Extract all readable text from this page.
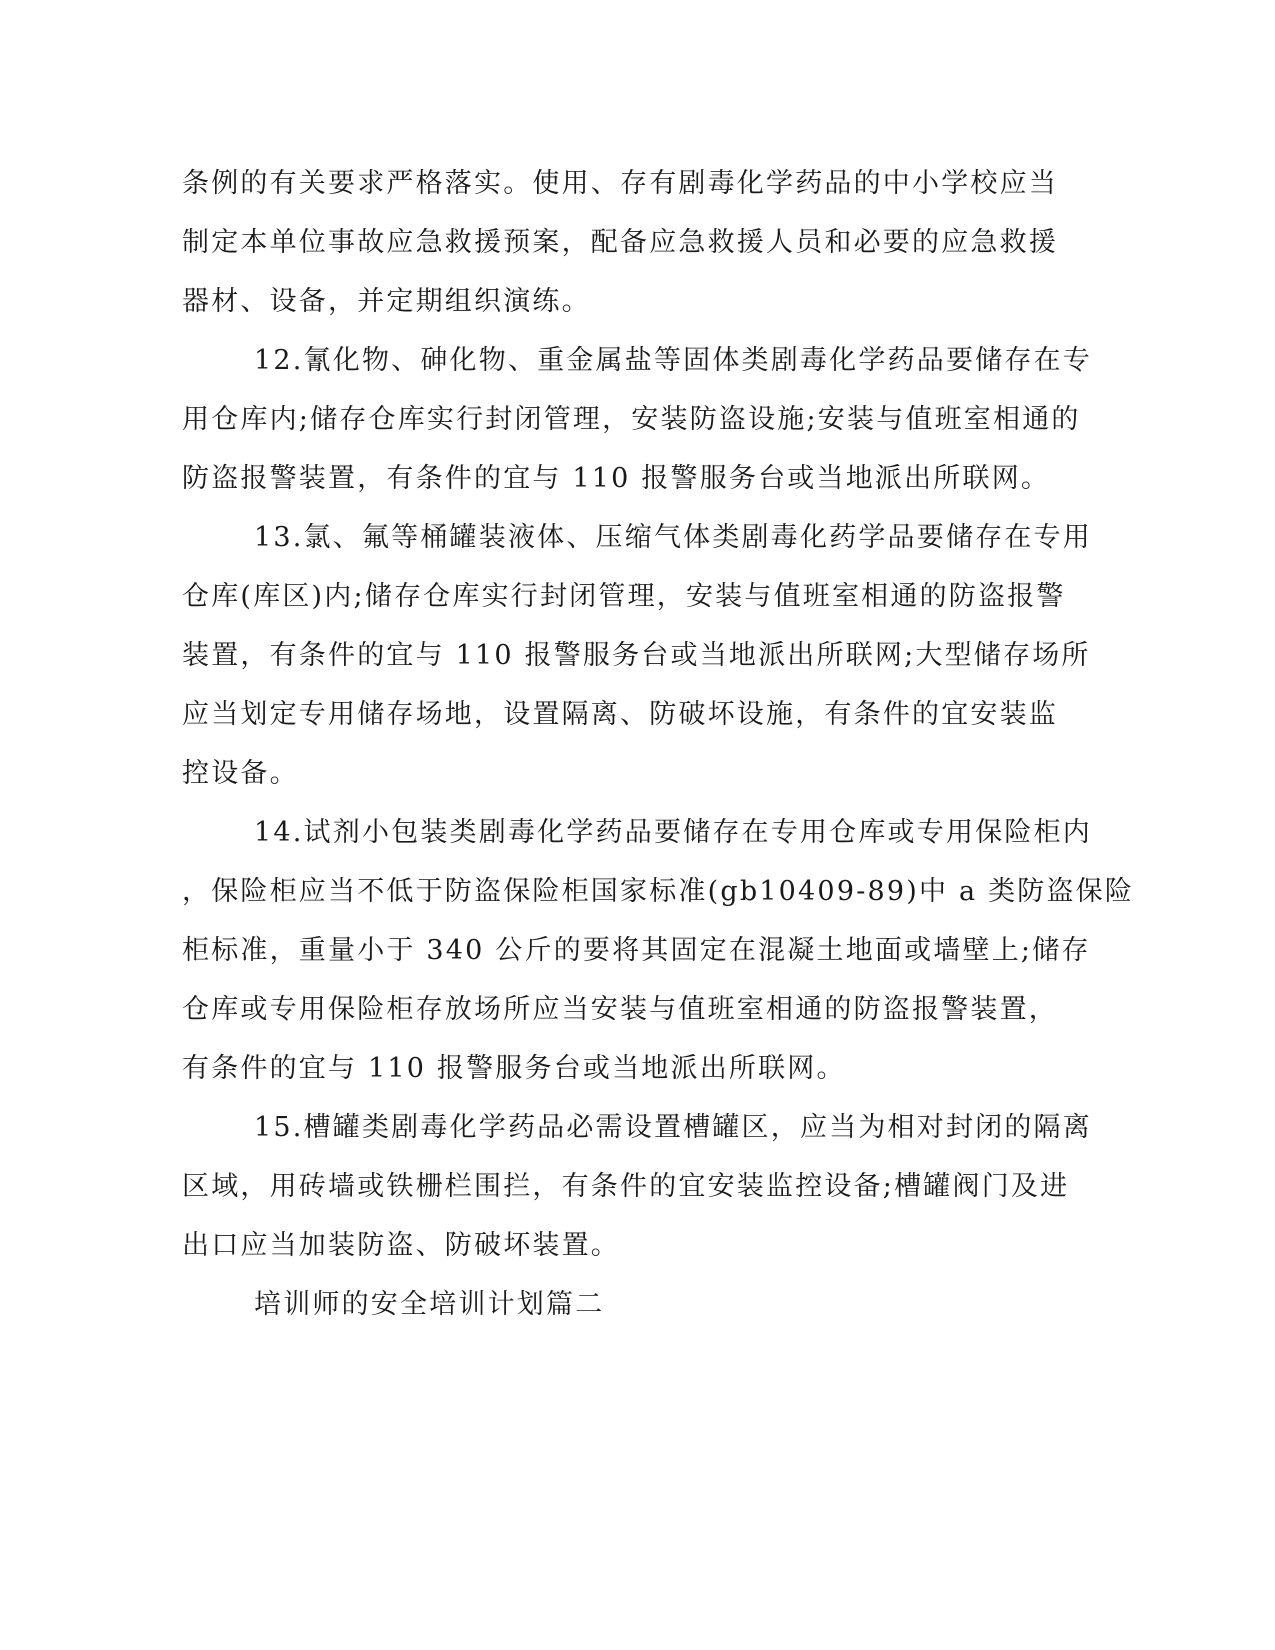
条例的有关要求严格落实。使用、存有剧毒化学药品的中小学校应当
制定本单位事故应急救援预案，配备应急救援人员和必要的应急救援
器材、设备，并定期组织演练。
12.氰化物、砷化物、重金属盐等固体类剧毒化学药品要储存在专
用仓库内;储存仓库实行封闭管理，安装防盗设施;安装与值班室相通的
防盗报警装置，有条件的宜与 110 报警服务台或当地派出所联网。
13.氯、氟等桶罐装液体、压缩气体类剧毒化药学品要储存在专用
仓库(库区)内;储存仓库实行封闭管理，安装与值班室相通的防盗报警
装置，有条件的宜与 110 报警服务台或当地派出所联网;大型储存场所
应当划定专用储存场地，设置隔离、防破坏设施，有条件的宜安装监
控设备。
14.试剂小包装类剧毒化学药品要储存在专用仓库或专用保险柜内
，保险柜应当不低于防盗保险柜国家标准(gb10409-89)中 a 类防盗保险
柜标准，重量小于 340 公斤的要将其固定在混凝土地面或墙壁上;储存
仓库或专用保险柜存放场所应当安装与值班室相通的防盗报警装置，
有条件的宜与 110 报警服务台或当地派出所联网。
15.槽罐类剧毒化学药品必需设置槽罐区，应当为相对封闭的隔离
区域，用砖墙或铁栅栏围拦，有条件的宜安装监控设备;槽罐阀门及进
出口应当加装防盗、防破坏装置。
培训师的安全培训计划篇二
